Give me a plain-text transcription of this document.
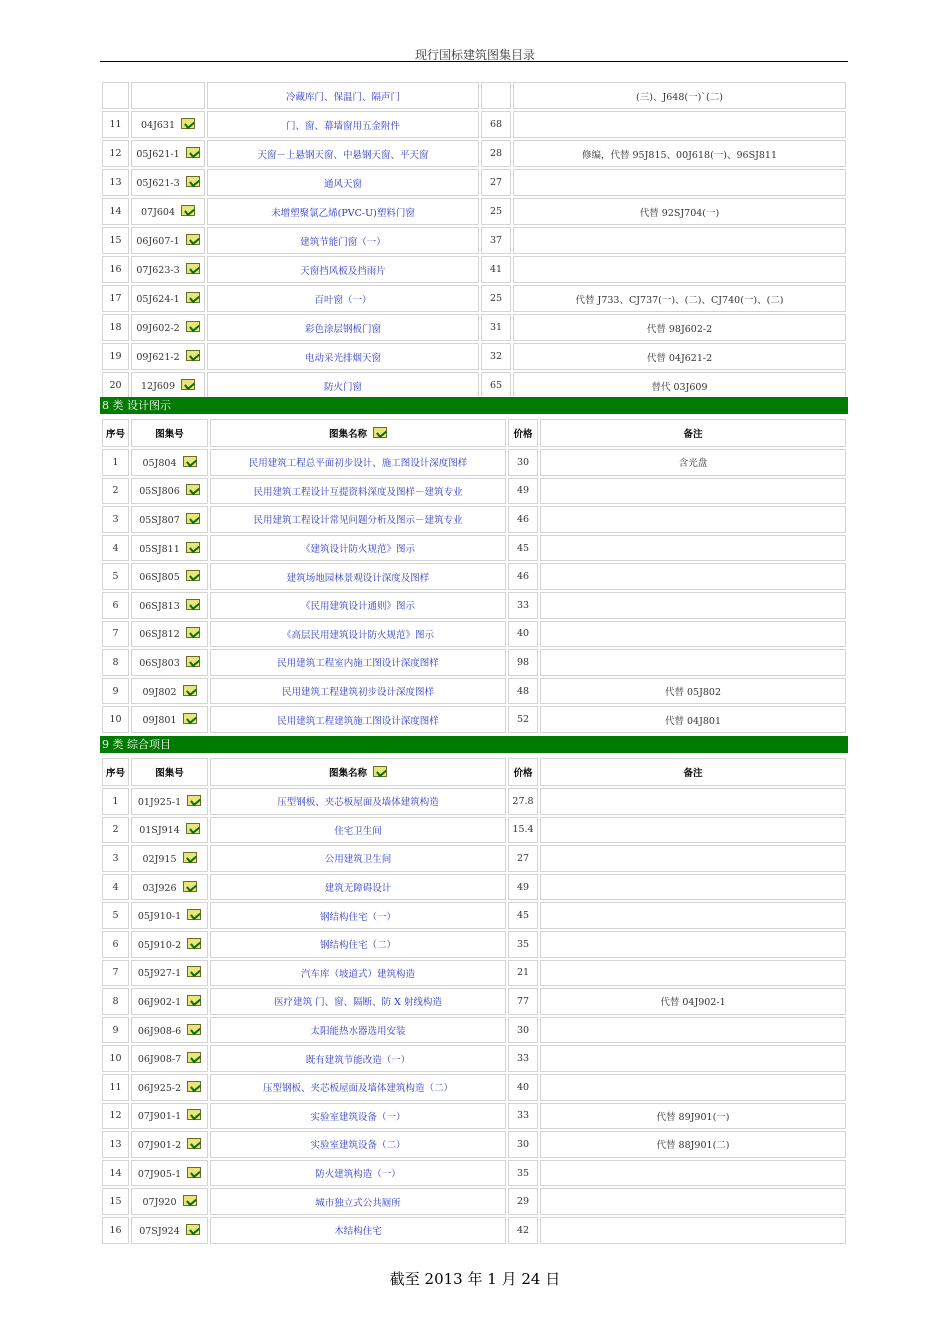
现行国标建筑图集目录
		冷藏库门、保温门、隔声门		(三)、J648(一)`(二)
11	04J631	门、窗、幕墙窗用五金附件	68	
12	05J621-1	天窗－上悬钢天窗、中悬钢天窗、平天窗	28	修编，代替 95J815、00J618(一)、96SJ811
13	05J621-3	通风天窗	27	
14	07J604	未增塑聚氯乙烯(PVC-U)塑料门窗	25	代替 92SJ704(一)
15	06J607-1	建筑节能门窗（一）	37	
16	07J623-3	天窗挡风板及挡雨片	41	
17	05J624-1	百叶窗（一）	25	代替 J733、CJ737(一)、(二)、CJ740(一)、(二)
18	09J602-2	彩色涂层钢板门窗	31	代替 98J602-2
19	09J621-2	电动采光排烟天窗	32	代替 04J621-2
20	12J609	防火门窗	65	替代 03J609
8 类 设计图示
序号	图集号	图集名称	价格	备注
1	05J804	民用建筑工程总平面初步设计、施工图设计深度图样	30	含光盘
2	05SJ806	民用建筑工程设计互提资料深度及图样－建筑专业	49	
3	05SJ807	民用建筑工程设计常见问题分析及图示－建筑专业	46	
4	05SJ811	《建筑设计防火规范》图示	45	
5	06SJ805	建筑场地园林景观设计深度及图样	46	
6	06SJ813	《民用建筑设计通则》图示	33	
7	06SJ812	《高层民用建筑设计防火规范》图示	40	
8	06SJ803	民用建筑工程室内施工图设计深度图样	98	
9	09J802	民用建筑工程建筑初步设计深度图样	48	代替 05J802
10	09J801	民用建筑工程建筑施工图设计深度图样	52	代替 04J801
9 类 综合项目
序号	图集号	图集名称	价格	备注
1	01J925-1	压型钢板、夹芯板屋面及墙体建筑构造	27.8	
2	01SJ914	住宅卫生间	15.4	
3	02J915	公用建筑卫生间	27	
4	03J926	建筑无障碍设计	49	
5	05J910-1	钢结构住宅（一）	45	
6	05J910-2	钢结构住宅（二）	35	
7	05J927-1	汽车库（坡道式）建筑构造	21	
8	06J902-1	医疗建筑 门、窗、隔断、防 X 射线构造	77	代替 04J902-1
9	06J908-6	太阳能热水器选用安装	30	
10	06J908-7	既有建筑节能改造（一）	33	
11	06J925-2	压型钢板、夹芯板屋面及墙体建筑构造（二）	40	
12	07J901-1	实验室建筑设备（一）	33	代替 89J901(一)
13	07J901-2	实验室建筑设备（二）	30	代替 88J901(二)
14	07J905-1	防火建筑构造（一）	35	
15	07J920	城市独立式公共厕所	29	
16	07SJ924	木结构住宅	42	
截至 2013 年 1 月 24 日
